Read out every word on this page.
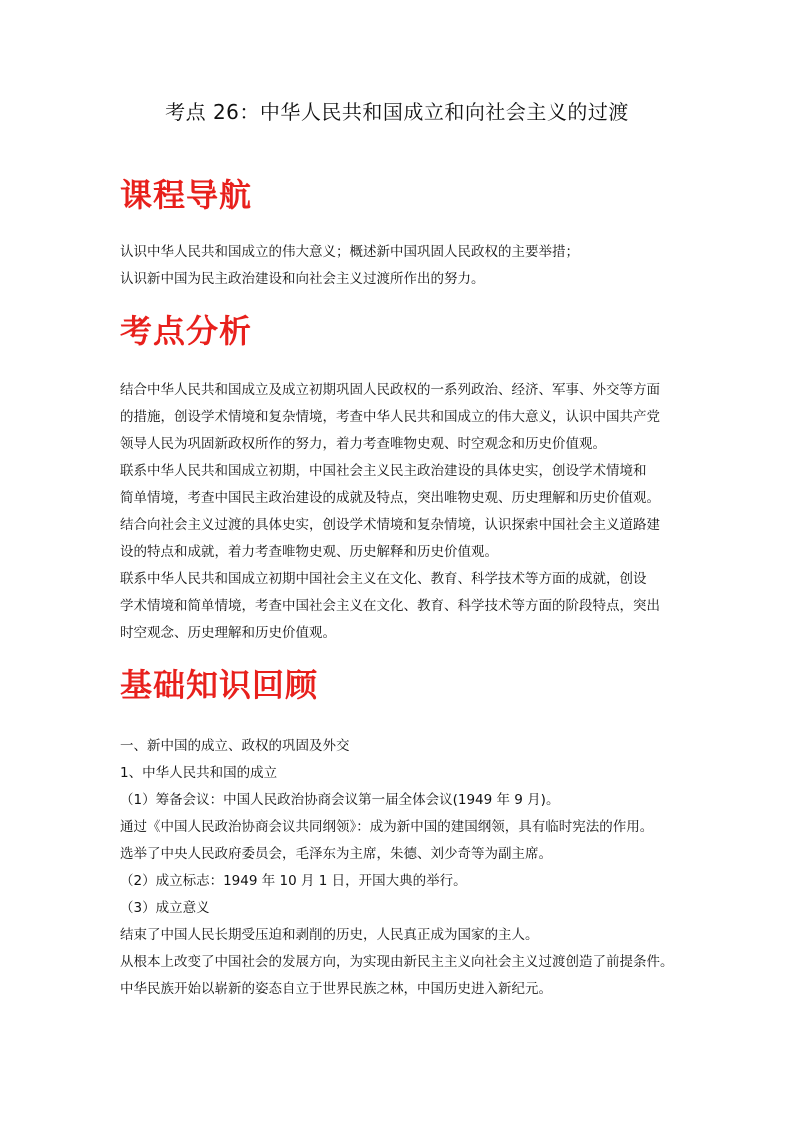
考点 26：中华人民共和国成立和向社会主义的过渡
课程导航
认识中华人民共和国成立的伟大意义；概述新中国巩固人民政权的主要举措；
认识新中国为民主政治建设和向社会主义过渡所作出的努力。
考点分析
结合中华人民共和国成立及成立初期巩固人民政权的一系列政治、经济、军事、外交等方面
的措施，创设学术情境和复杂情境，考查中华人民共和国成立的伟大意义，认识中国共产党
领导人民为巩固新政权所作的努力，着力考查唯物史观、时空观念和历史价值观。
联系中华人民共和国成立初期，中国社会主义民主政治建设的具体史实，创设学术情境和
简单情境，考查中国民主政治建设的成就及特点，突出唯物史观、历史理解和历史价值观。
结合向社会主义过渡的具体史实，创设学术情境和复杂情境，认识探索中国社会主义道路建
设的特点和成就，着力考查唯物史观、历史解释和历史价值观。
联系中华人民共和国成立初期中国社会主义在文化、教育、科学技术等方面的成就，创设
学术情境和简单情境，考查中国社会主义在文化、教育、科学技术等方面的阶段特点，突出
时空观念、历史理解和历史价值观。
基础知识回顾
一、新中国的成立、政权的巩固及外交
1、中华人民共和国的成立
（1）筹备会议：中国人民政治协商会议第一届全体会议(1949 年 9 月)。
通过《中国人民政治协商会议共同纲领》：成为新中国的建国纲领，具有临时宪法的作用。
选举了中央人民政府委员会，毛泽东为主席，朱德、刘少奇等为副主席。
（2）成立标志：1949 年 10 月 1 日，开国大典的举行。
（3）成立意义
结束了中国人民长期受压迫和剥削的历史，人民真正成为国家的主人。
从根本上改变了中国社会的发展方向，为实现由新民主主义向社会主义过渡创造了前提条件。
中华民族开始以崭新的姿态自立于世界民族之林，中国历史进入新纪元。
